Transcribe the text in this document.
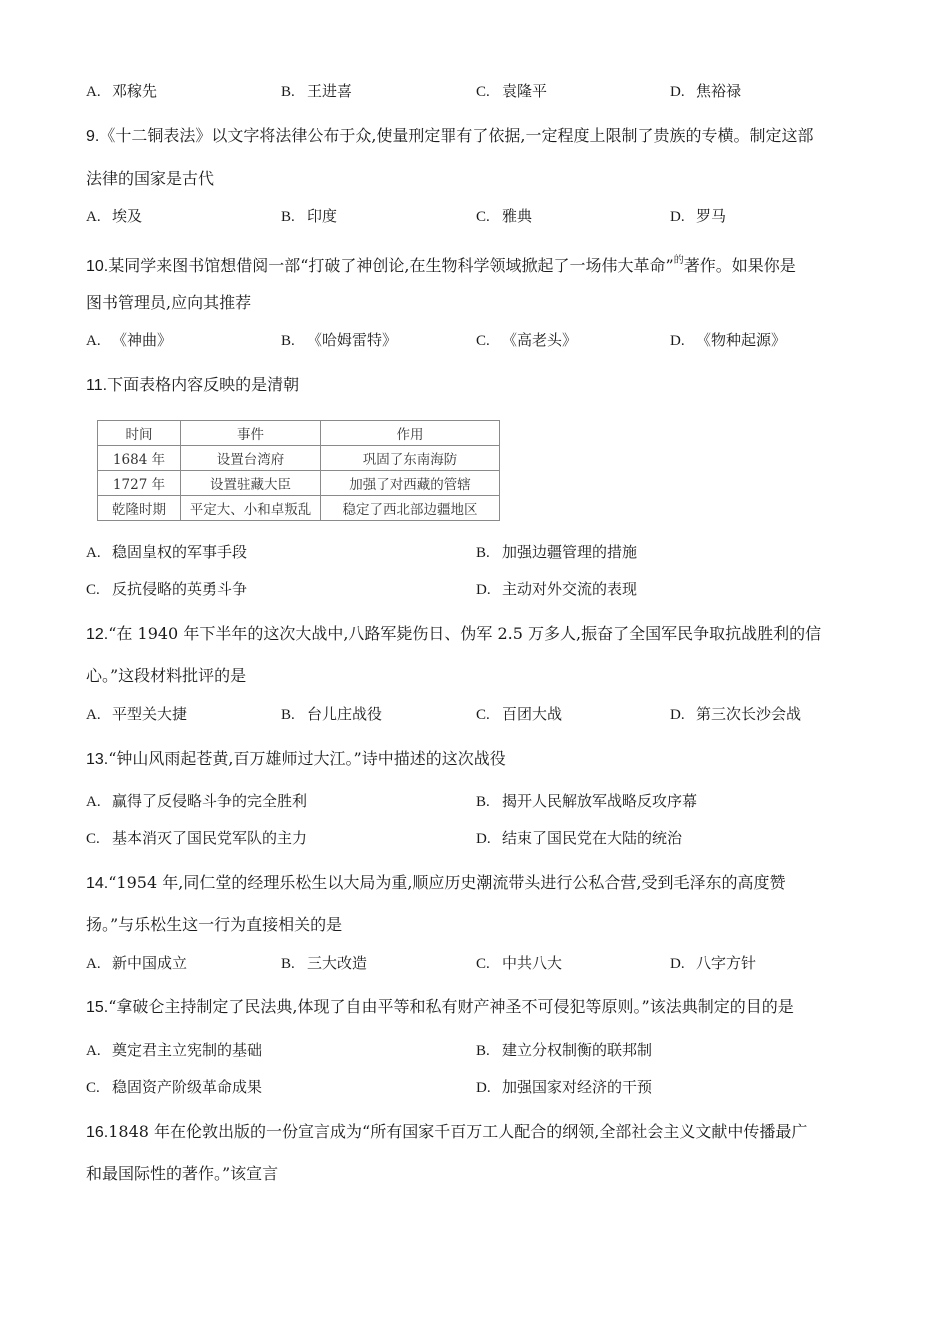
A. 邓稼先	B. 王进喜	C. 袁隆平	D. 焦裕禄
9.《十二铜表法》以文字将法律公布于众,使量刑定罪有了依据,一定程度上限制了贵族的专横。制定这部
法律的国家是古代
A. 埃及	B. 印度	C. 雅典	D. 罗马
10.某同学来图书馆想借阅一部“打破了神创论,在生物科学领域掀起了一场伟大革命”$^的$著作。如果你是
图书管理员,应向其推荐
A. 《神曲》	B. 《哈姆雷特》	C. 《高老头》	D. 《物种起源》
11.下面表格内容反映的是清朝
时间	事件	作用
1684 年	设置台湾府	巩固了东南海防
1727 年	设置驻藏大臣	加强了对西藏的管辖
乾隆时期	平定大、小和卓叛乱	稳定了西北部边疆地区
A. 稳固皇权的军事手段	B. 加强边疆管理的措施
C. 反抗侵略的英勇斗争	D. 主动对外交流的表现
12.“在 1940 年下半年的这次大战中,八路军毙伤日、伪军 2.5 万多人,振奋了全国军民争取抗战胜利的信
心。”这段材料批评的是
A. 平型关大捷	B. 台儿庄战役	C. 百团大战	D. 第三次长沙会战
13.“钟山风雨起苍黄,百万雄师过大江。”诗中描述的这次战役
A. 赢得了反侵略斗争的完全胜利	B. 揭开人民解放军战略反攻序幕
C. 基本消灭了国民党军队的主力	D. 结束了国民党在大陆的统治
14.“1954 年,同仁堂的经理乐松生以大局为重,顺应历史潮流带头进行公私合营,受到毛泽东的高度赞
扬。”与乐松生这一行为直接相关的是
A. 新中国成立	B. 三大改造	C. 中共八大	D. 八字方针
15.“拿破仑主持制定了民法典,体现了自由平等和私有财产神圣不可侵犯等原则。”该法典制定的目的是
A. 奠定君主立宪制的基础	B. 建立分权制衡的联邦制
C. 稳固资产阶级革命成果	D. 加强国家对经济的干预
16.1848 年在伦敦出版的一份宣言成为“所有国家千百万工人配合的纲领,全部社会主义文献中传播最广
和最国际性的著作。”该宣言
